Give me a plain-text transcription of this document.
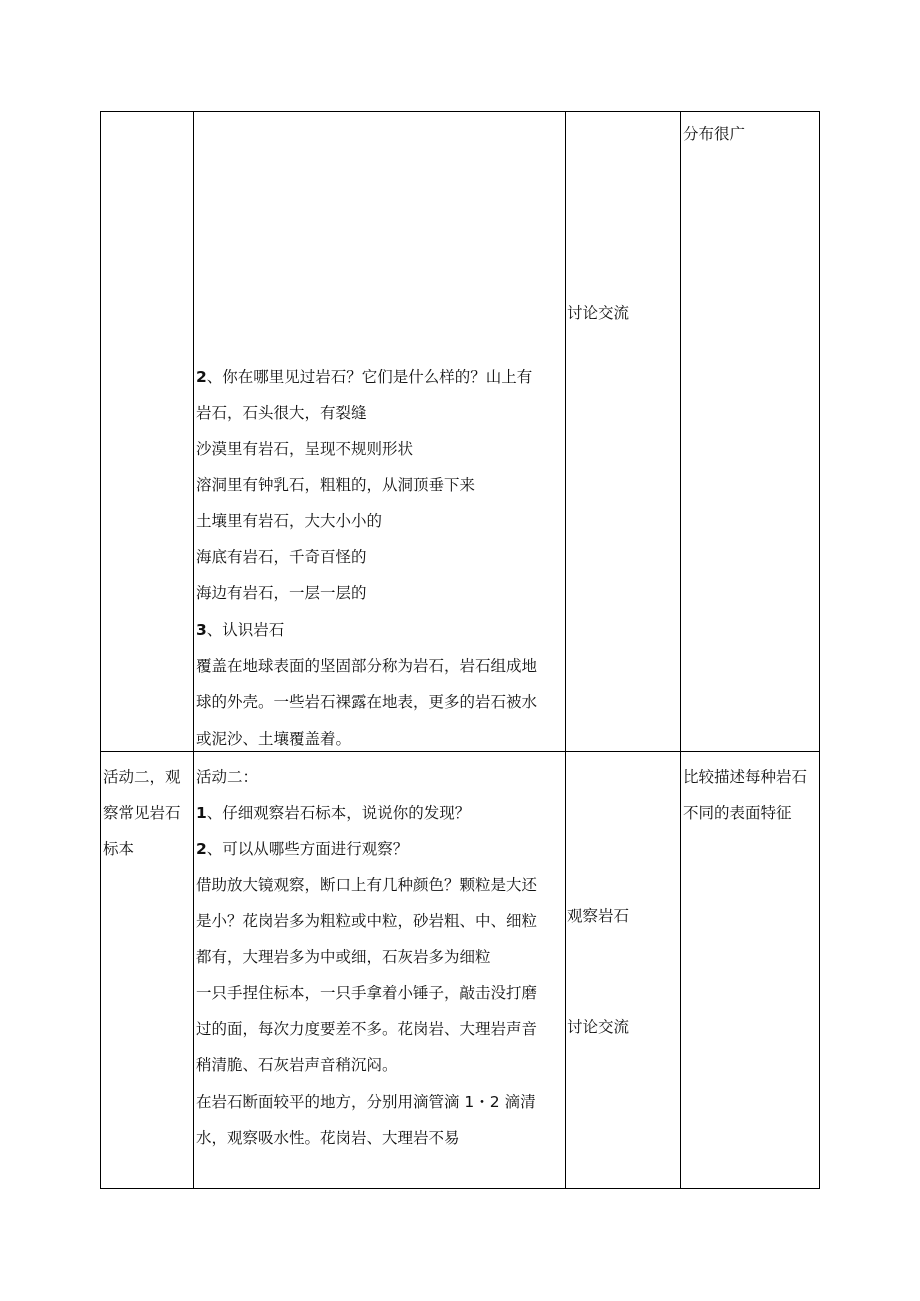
分布很广
讨论交流
2、你在哪里见过岩石？它们是什么样的？山上有
岩石，石头很大，有裂缝
沙漠里有岩石，呈现不规则形状
溶洞里有钟乳石，粗粗的，从洞顶垂下来
土壤里有岩石，大大小小的
海底有岩石，千奇百怪的
海边有岩石，一层一层的
3、认识岩石
覆盖在地球表面的坚固部分称为岩石，岩石组成地
球的外壳。一些岩石裸露在地表，更多的岩石被水
或泥沙、土壤覆盖着。
活动二，观
察常见岩石
标本
活动二：
1、仔细观察岩石标本，说说你的发现？
2、可以从哪些方面进行观察？
借助放大镜观察，断口上有几种颜色？颗粒是大还
是小？花岗岩多为粗粒或中粒，砂岩粗、中、细粒
都有，大理岩多为中或细，石灰岩多为细粒
一只手捏住标本，一只手拿着小锤子，敲击没打磨
过的面，每次力度要差不多。花岗岩、大理岩声音
稍清脆、石灰岩声音稍沉闷。
在岩石断面较平的地方，分别用滴管滴 1・2 滴清
水，观察吸水性。花岗岩、大理岩不易
观察岩石
讨论交流
比较描述每种岩石
不同的表面特征
